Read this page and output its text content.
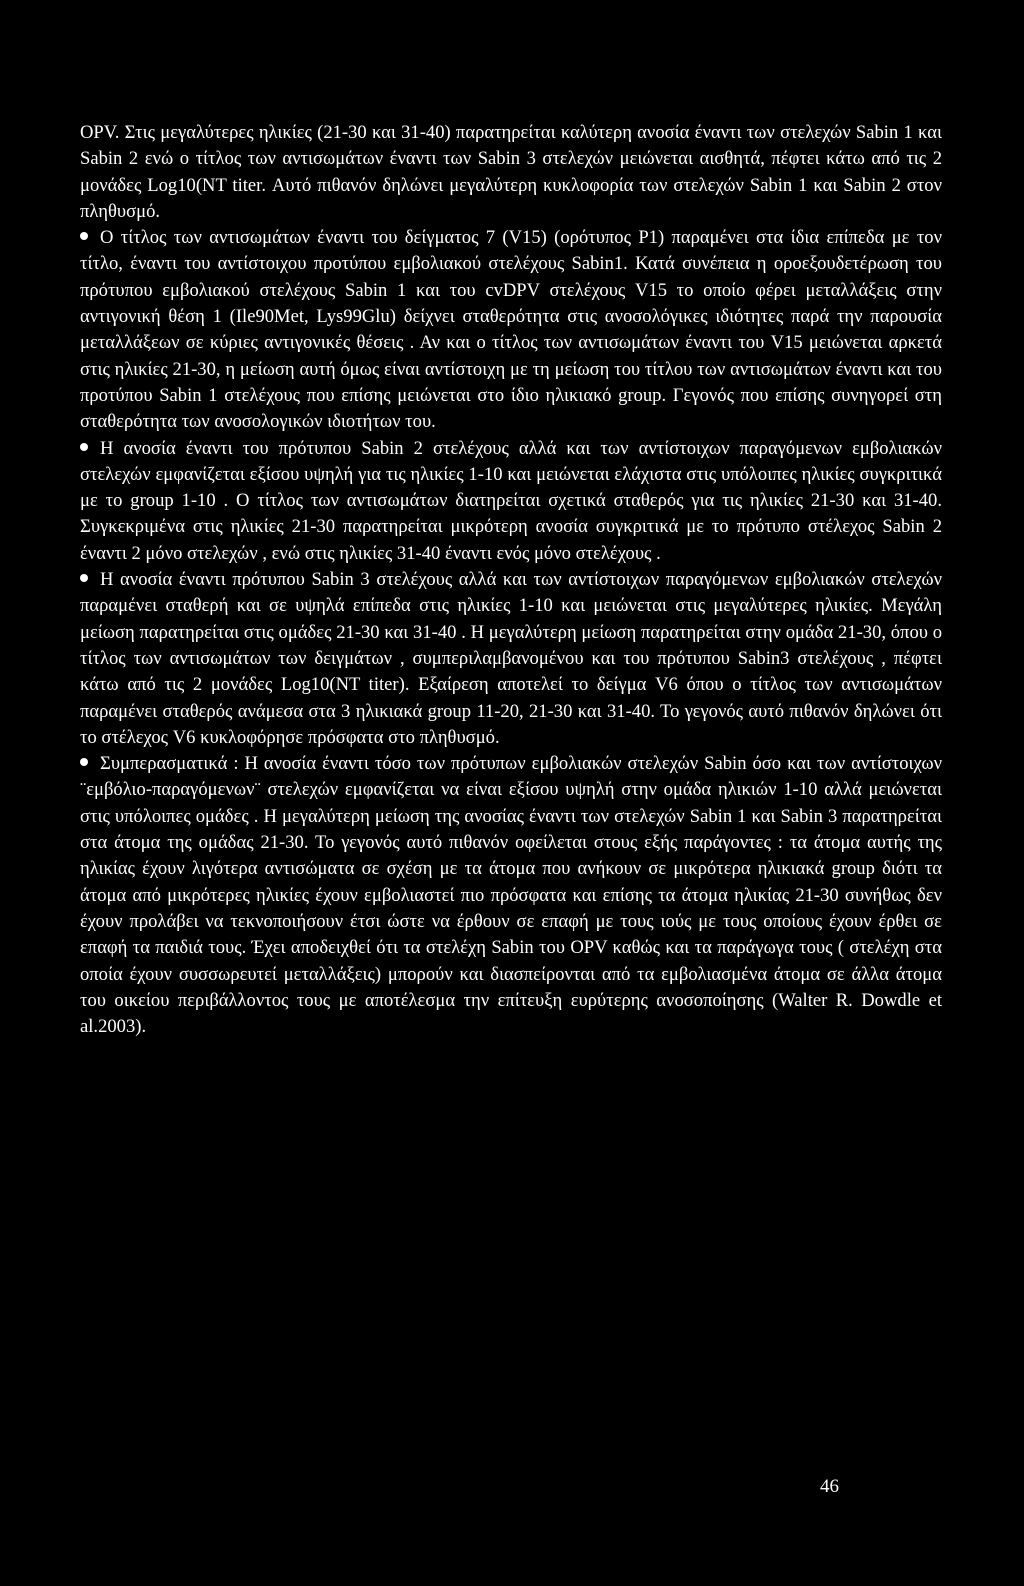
OPV. Στις μεγαλύτερες ηλικίες (21-30 και 31-40) παρατηρείται καλύτερη ανοσία έναντι των στελεχών Sabin 1 και Sabin 2 ενώ ο τίτλος των αντισωμάτων έναντι των Sabin 3 στελεχών μειώνεται αισθητά, πέφτει κάτω από τις 2 μονάδες Log10(NT titer. Αυτό πιθανόν δηλώνει μεγαλύτερη κυκλοφορία των στελεχών Sabin 1 και Sabin 2 στον πληθυσμό.

Ο τίτλος των αντισωμάτων έναντι του δείγματος 7 (V15) (ορότυπος P1) παραμένει στα ίδια επίπεδα με τον τίτλο, έναντι του αντίστοιχου προτύπου εμβολιακού στελέχους Sabin1. Κατά συνέπεια η οροεξουδετέρωση του πρότυπου εμβολιακού στελέχους Sabin 1 και του cvDPV στελέχους V15 το οποίο φέρει μεταλλάξεις στην αντιγονική θέση 1 (Ile90Met, Lys99Glu) δείχνει σταθερότητα στις ανοσολόγικες ιδιότητες παρά την παρουσία μεταλλάξεων σε κύριες αντιγονικές θέσεις . Αν και ο τίτλος των αντισωμάτων έναντι του V15 μειώνεται αρκετά στις ηλικίες 21-30, η μείωση αυτή όμως είναι αντίστοιχη με τη μείωση του τίτλου των αντισωμάτων έναντι και του προτύπου Sabin 1 στελέχους που επίσης μειώνεται στο ίδιο ηλικιακό group. Γεγονός που επίσης συνηγορεί στη σταθερότητα των ανοσολογικών ιδιοτήτων του.

Η ανοσία έναντι του πρότυπου Sabin 2 στελέχους αλλά και των αντίστοιχων παραγόμενων εμβολιακών στελεχών εμφανίζεται εξίσου υψηλή για τις ηλικίες 1-10 και μειώνεται ελάχιστα στις υπόλοιπες ηλικίες συγκριτικά με το group 1-10 . Ο τίτλος των αντισωμάτων διατηρείται σχετικά σταθερός για τις ηλικίες 21-30 και 31-40. Συγκεκριμένα στις ηλικίες 21-30 παρατηρείται μικρότερη ανοσία συγκριτικά με το πρότυπο στέλεχος Sabin 2 έναντι 2 μόνο στελεχών , ενώ στις ηλικίες 31-40 έναντι ενός μόνο στελέχους .

Η ανοσία έναντι πρότυπου Sabin 3 στελέχους αλλά και των αντίστοιχων παραγόμενων εμβολιακών στελεχών παραμένει σταθερή και σε υψηλά επίπεδα στις ηλικίες 1-10 και μειώνεται στις μεγαλύτερες ηλικίες. Μεγάλη μείωση παρατηρείται στις ομάδες 21-30 και 31-40 . Η μεγαλύτερη μείωση παρατηρείται στην ομάδα 21-30, όπου ο τίτλος των αντισωμάτων των δειγμάτων , συμπεριλαμβανομένου και του πρότυπου Sabin3 στελέχους , πέφτει κάτω από τις 2 μονάδες Log10(NT titer). Εξαίρεση αποτελεί το δείγμα V6 όπου ο τίτλος των αντισωμάτων παραμένει σταθερός ανάμεσα στα 3 ηλικιακά group 11-20, 21-30 και 31-40. Το γεγονός αυτό πιθανόν δηλώνει ότι το στέλεχος V6 κυκλοφόρησε πρόσφατα στο πληθυσμό.

Συμπερασματικά : Η ανοσία έναντι τόσο των πρότυπων εμβολιακών στελεχών Sabin όσο και των αντίστοιχων ¨εμβόλιο-παραγόμενων¨ στελεχών εμφανίζεται να είναι εξίσου υψηλή στην ομάδα ηλικιών 1-10 αλλά μειώνεται στις υπόλοιπες ομάδες . Η μεγαλύτερη μείωση της ανοσίας έναντι των στελεχών Sabin 1 και Sabin 3 παρατηρείται στα άτομα της ομάδας 21-30. Το γεγονός αυτό πιθανόν οφείλεται στους εξής παράγοντες : τα άτομα αυτής της ηλικίας έχουν λιγότερα αντισώματα σε σχέση με τα άτομα που ανήκουν σε μικρότερα ηλικιακά group διότι τα άτομα από μικρότερες ηλικίες έχουν εμβολιαστεί πιο πρόσφατα και επίσης τα άτομα ηλικίας 21-30 συνήθως δεν έχουν προλάβει να τεκνοποιήσουν έτσι ώστε να έρθουν σε επαφή με τους ιούς με τους οποίους έχουν έρθει σε επαφή τα παιδιά τους. Έχει αποδειχθεί ότι τα στελέχη Sabin του OPV καθώς και τα παράγωγα τους ( στελέχη στα οποία έχουν συσσωρευτεί μεταλλάξεις) μπορούν και διασπείρονται από τα εμβολιασμένα άτομα σε άλλα άτομα του οικείου περιβάλλοντος τους με αποτέλεσμα την επίτευξη ευρύτερης ανοσοποίησης (Walter R. Dowdle et al.2003).

46
